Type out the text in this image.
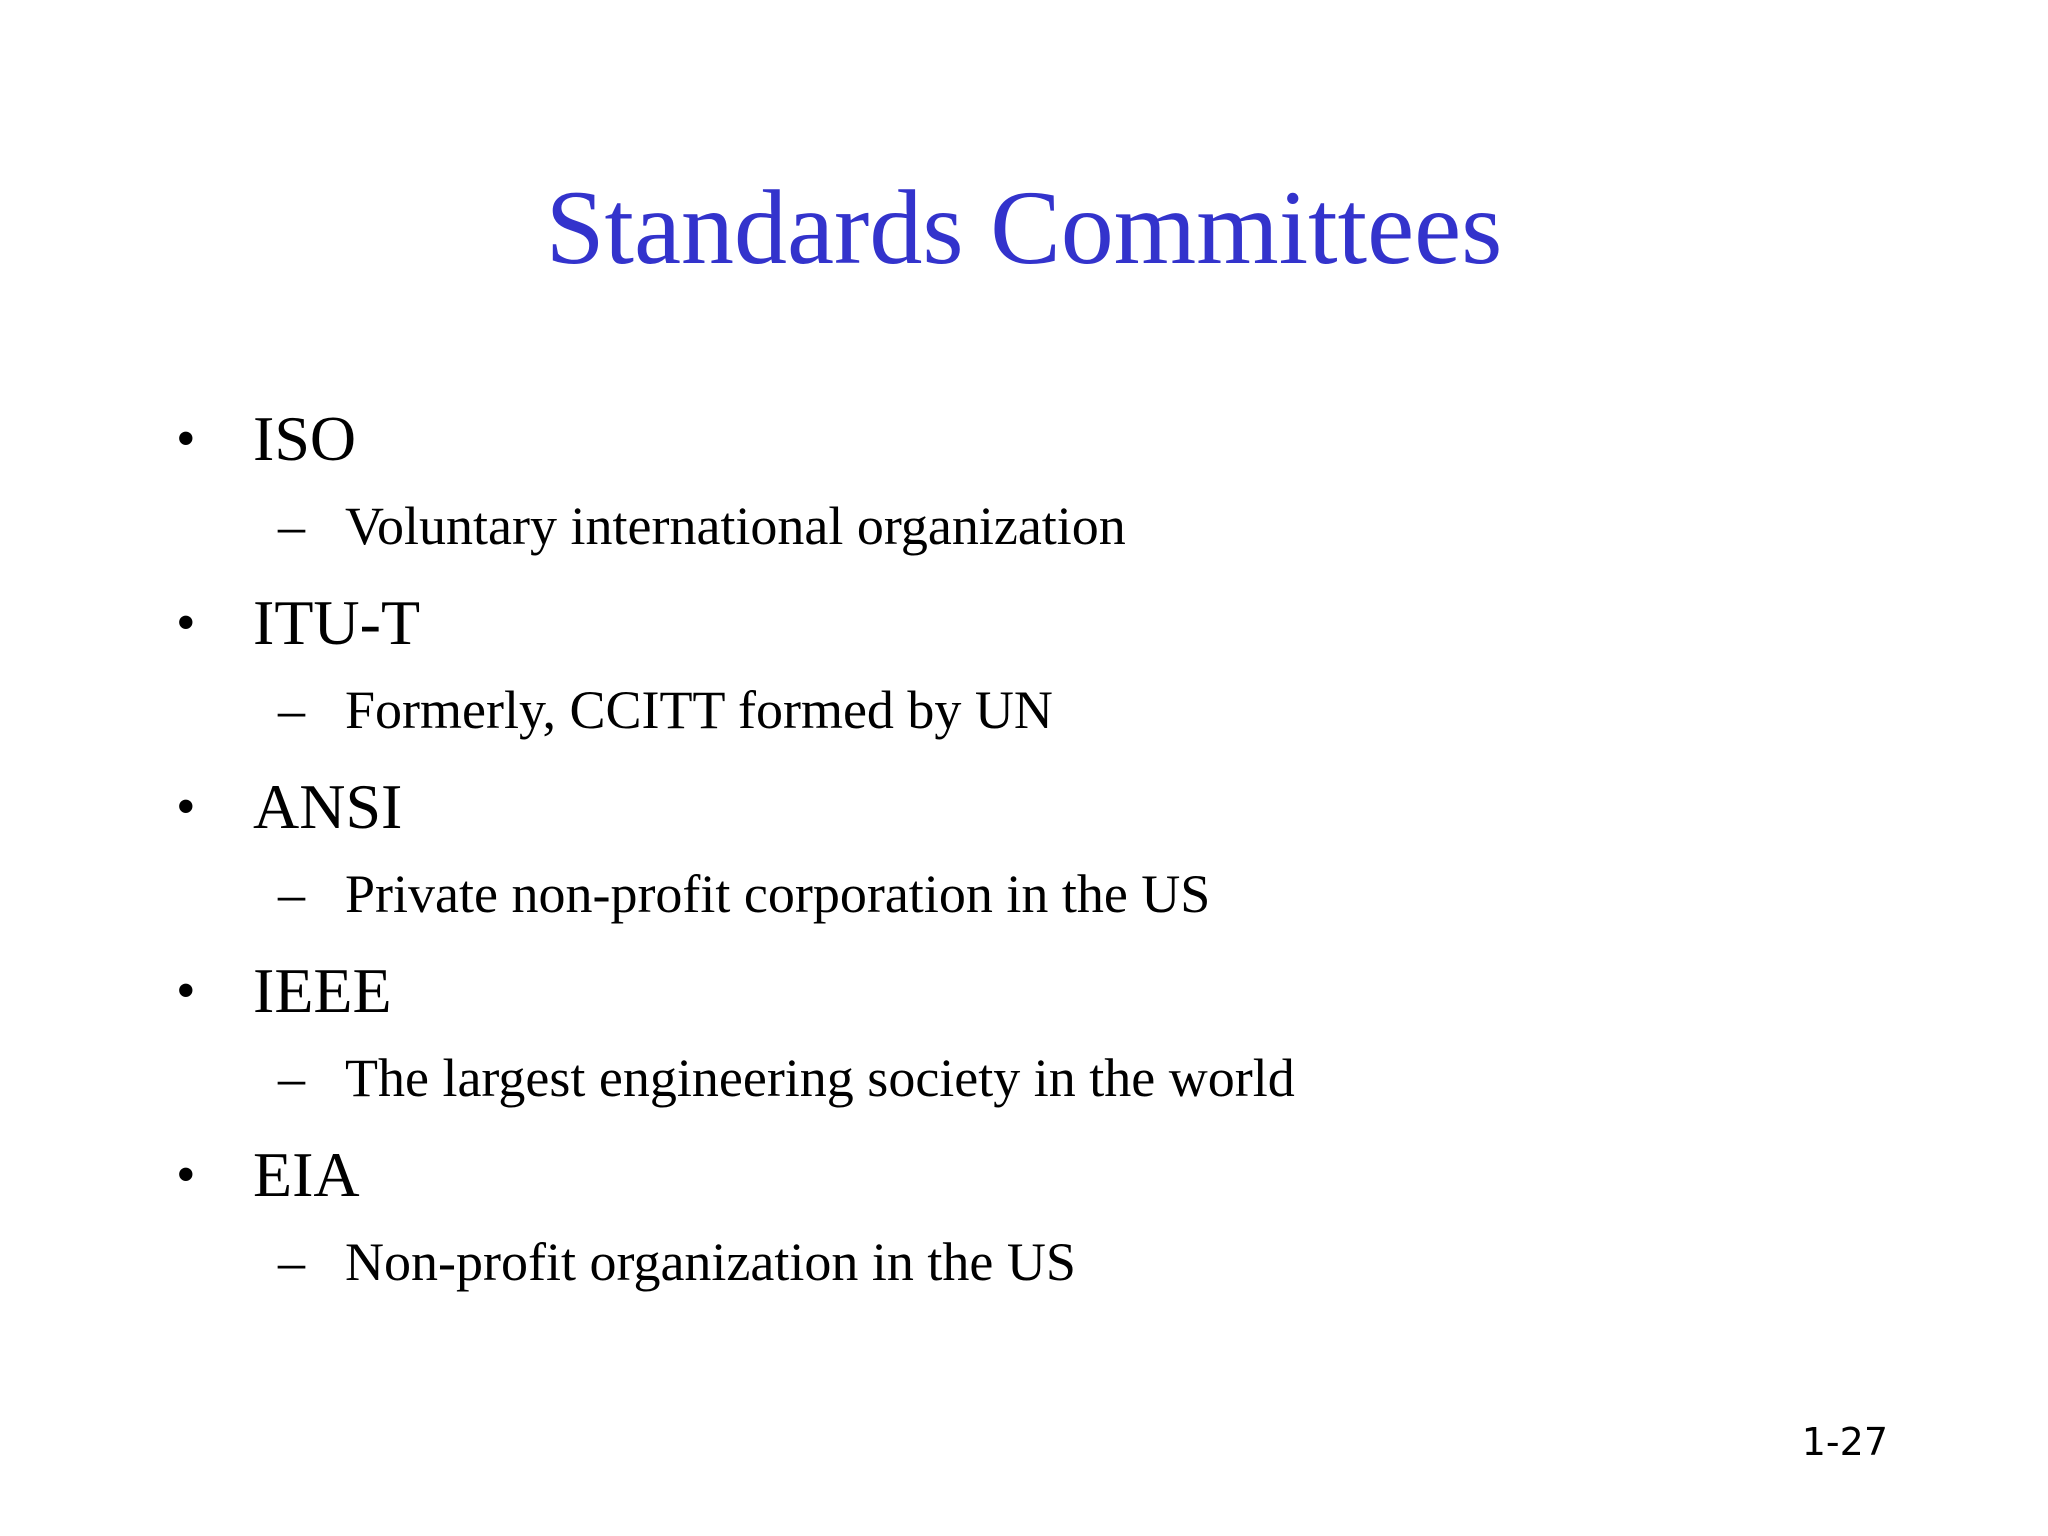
Standards Committees
• ISO
– Voluntary international organization
• ITU-T
– Formerly, CCITT formed by UN
• ANSI
– Private non-profit corporation in the US
• IEEE
– The largest engineering society in the world
• EIA
– Non-profit organization in the US
1-27
